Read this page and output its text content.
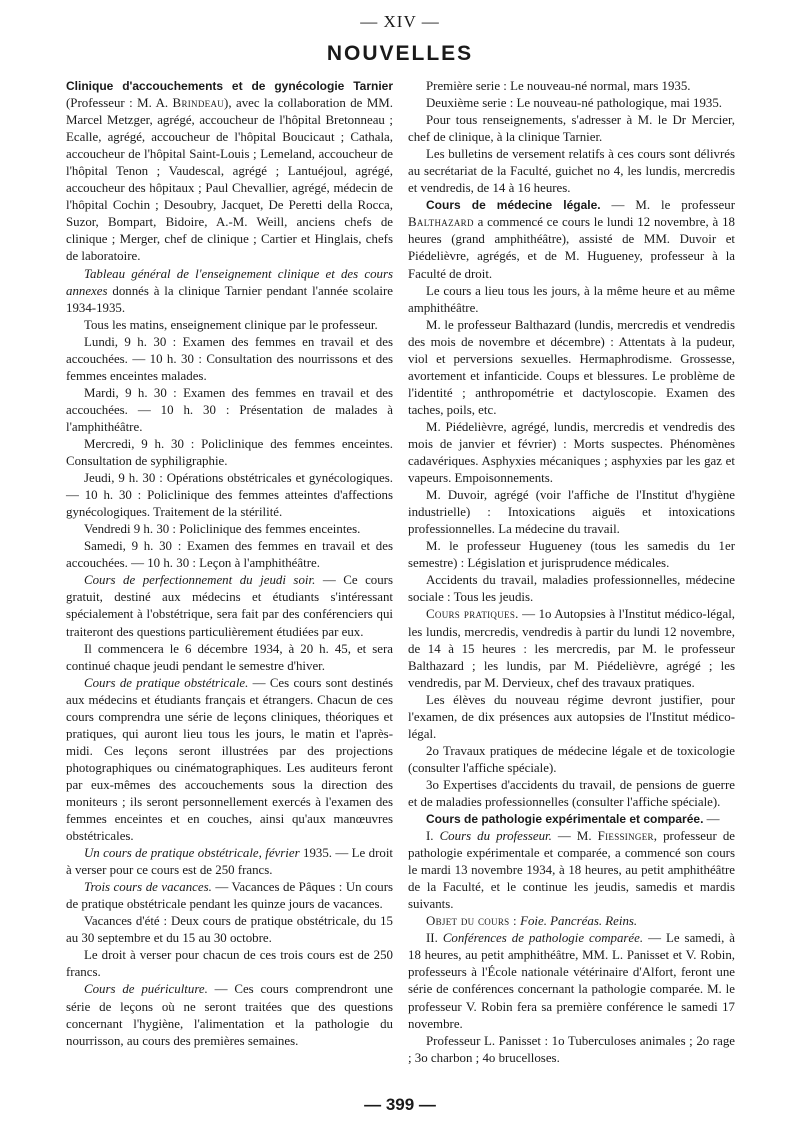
— XIV —
NOUVELLES

Clinique d'accouchements et de gynécologie Tarnier (Professeur : M. A. Brindeau), avec la collaboration de MM. Marcel Metzger, agrégé, accoucheur de l'hôpital Bretonneau ; Ecalle, agrégé, accoucheur de l'hôpital Boucicaut ; Cathala, accoucheur de l'hôpital Saint-Louis ; Lemeland, accoucheur de l'hôpital Tenon ; Vaudescal, agrégé ; Lantuéjoul, agrégé, accoucheur des hôpitaux ; Paul Chevallier, agrégé, médecin de l'hôpital Cochin ; Desoubry, Jacquet, De Peretti della Rocca, Suzor, Bompart, Bidoire, A.-M. Weill, anciens chefs de clinique ; Merger, chef de clinique ; Cartier et Hinglais, chefs de laboratoire.

Tableau général de l'enseignement clinique et des cours annexes donnés à la clinique Tarnier pendant l'année scolaire 1934-1935.

Tous les matins, enseignement clinique par le professeur.

Lundi, 9 h. 30 : Examen des femmes en travail et des accouchées. — 10 h. 30 : Consultation des nourrissons et des femmes enceintes malades.

Mardi, 9 h. 30 : Examen des femmes en travail et des accouchées. — 10 h. 30 : Présentation de malades à l'amphithéâtre.

Mercredi, 9 h. 30 : Policlinique des femmes enceintes. Consultation de syphiligraphie.

Jeudi, 9 h. 30 : Opérations obstétricales et gynécologiques. — 10 h. 30 : Policlinique des femmes atteintes d'affections gynécologiques. Traitement de la stérilité.

Vendredi 9 h. 30 : Policlinique des femmes enceintes.

Samedi, 9 h. 30 : Examen des femmes en travail et des accouchées. — 10 h. 30 : Leçon à l'amphithéâtre.

Cours de perfectionnement du jeudi soir. — Ce cours gratuit, destiné aux médecins et étudiants s'intéressant spécialement à l'obstétrique, sera fait par des conférenciers qui traiteront des questions particulièrement étudiées par eux.

Il commencera le 6 décembre 1934, à 20 h. 45, et sera continué chaque jeudi pendant le semestre d'hiver.

Cours de pratique obstétricale. — Ces cours sont destinés aux médecins et étudiants français et étrangers. Chacun de ces cours comprendra une série de leçons cliniques, théoriques et pratiques, qui auront lieu tous les jours, le matin et l'après-midi. Ces leçons seront illustrées par des projections photographiques ou cinématographiques. Les auditeurs feront par eux-mêmes des accouchements sous la direction des moniteurs ; ils seront personnellement exercés à l'examen des femmes enceintes et en couches, ainsi qu'aux manœuvres obstétricales.

Un cours de pratique obstétricale, février 1935. — Le droit à verser pour ce cours est de 250 francs.

Trois cours de vacances. — Vacances de Pâques : Un cours de pratique obstétricale pendant les quinze jours de vacances.

Vacances d'été : Deux cours de pratique obstétricale, du 15 au 30 septembre et du 15 au 30 octobre.

Le droit à verser pour chacun de ces trois cours est de 250 francs.

Cours de puériculture. — Ces cours comprendront une série de leçons où ne seront traitées que des questions concernant l'hygiène, l'alimentation et la pathologie du nourrisson, au cours des premières semaines.

Première serie : Le nouveau-né normal, mars 1935.

Deuxième serie : Le nouveau-né pathologique, mai 1935.

Pour tous renseignements, s'adresser à M. le Dr Mercier, chef de clinique, à la clinique Tarnier.

Les bulletins de versement relatifs à ces cours sont délivrés au secrétariat de la Faculté, guichet no 4, les lundis, mercredis et vendredis, de 14 à 16 heures.

Cours de médecine légale. — M. le professeur Balthazard a commencé ce cours le lundi 12 novembre, à 18 heures (grand amphithéâtre), assisté de MM. Duvoir et Piédelièvre, agrégés, et de M. Hugueney, professeur à la Faculté de droit.

Le cours a lieu tous les jours, à la même heure et au même amphithéâtre.

M. le professeur Balthazard (lundis, mercredis et vendredis des mois de novembre et décembre) : Attentats à la pudeur, viol et perversions sexuelles. Hermaphrodisme. Grossesse, avortement et infanticide. Coups et blessures. Le problème de l'identité ; anthropométrie et dactyloscopie. Examen des taches, poils, etc.

M. Piédelièvre, agrégé, lundis, mercredis et vendredis des mois de janvier et février) : Morts suspectes. Phénomènes cadavériques. Asphyxies mécaniques ; asphyxies par les gaz et vapeurs. Empoisonnements.

M. Duvoir, agrégé (voir l'affiche de l'Institut d'hygiène industrielle) : Intoxications aiguës et intoxications professionnelles. La médecine du travail.

M. le professeur Hugueney (tous les samedis du 1er semestre) : Législation et jurisprudence médicales.

Accidents du travail, maladies professionnelles, médecine sociale : Tous les jeudis.

Cours pratiques. — 1o Autopsies à l'Institut médico-légal, les lundis, mercredis, vendredis à partir du lundi 12 novembre, de 14 à 15 heures : les mercredis, par M. le professeur Balthazard ; les lundis, par M. Piédelièvre, agrégé ; les vendredis, par M. Dervieux, chef des travaux pratiques.

Les élèves du nouveau régime devront justifier, pour l'examen, de dix présences aux autopsies de l'Institut médico-légal.

2o Travaux pratiques de médecine légale et de toxicologie (consulter l'affiche spéciale).

3o Expertises d'accidents du travail, de pensions de guerre et de maladies professionnelles (consulter l'affiche spéciale).

Cours de pathologie expérimentale et comparée. —

I. Cours du professeur. — M. Fiessinger, professeur de pathologie expérimentale et comparée, a commencé son cours le mardi 13 novembre 1934, à 18 heures, au petit amphithéâtre de la Faculté, et le continue les jeudis, samedis et mardis suivants.

Objet du cours : Foie. Pancréas. Reins.

II. Conférences de pathologie comparée. — Le samedi, à 18 heures, au petit amphithéâtre, MM. L. Panisset et V. Robin, professeurs à l'École nationale vétérinaire d'Alfort, feront une série de conférences concernant la pathologie comparée. M. le professeur V. Robin fera sa première conférence le samedi 17 novembre.

Professeur L. Panisset : 1o Tuberculoses animales ; 2o rage ; 3o charbon ; 4o brucelloses.

— 399 —
